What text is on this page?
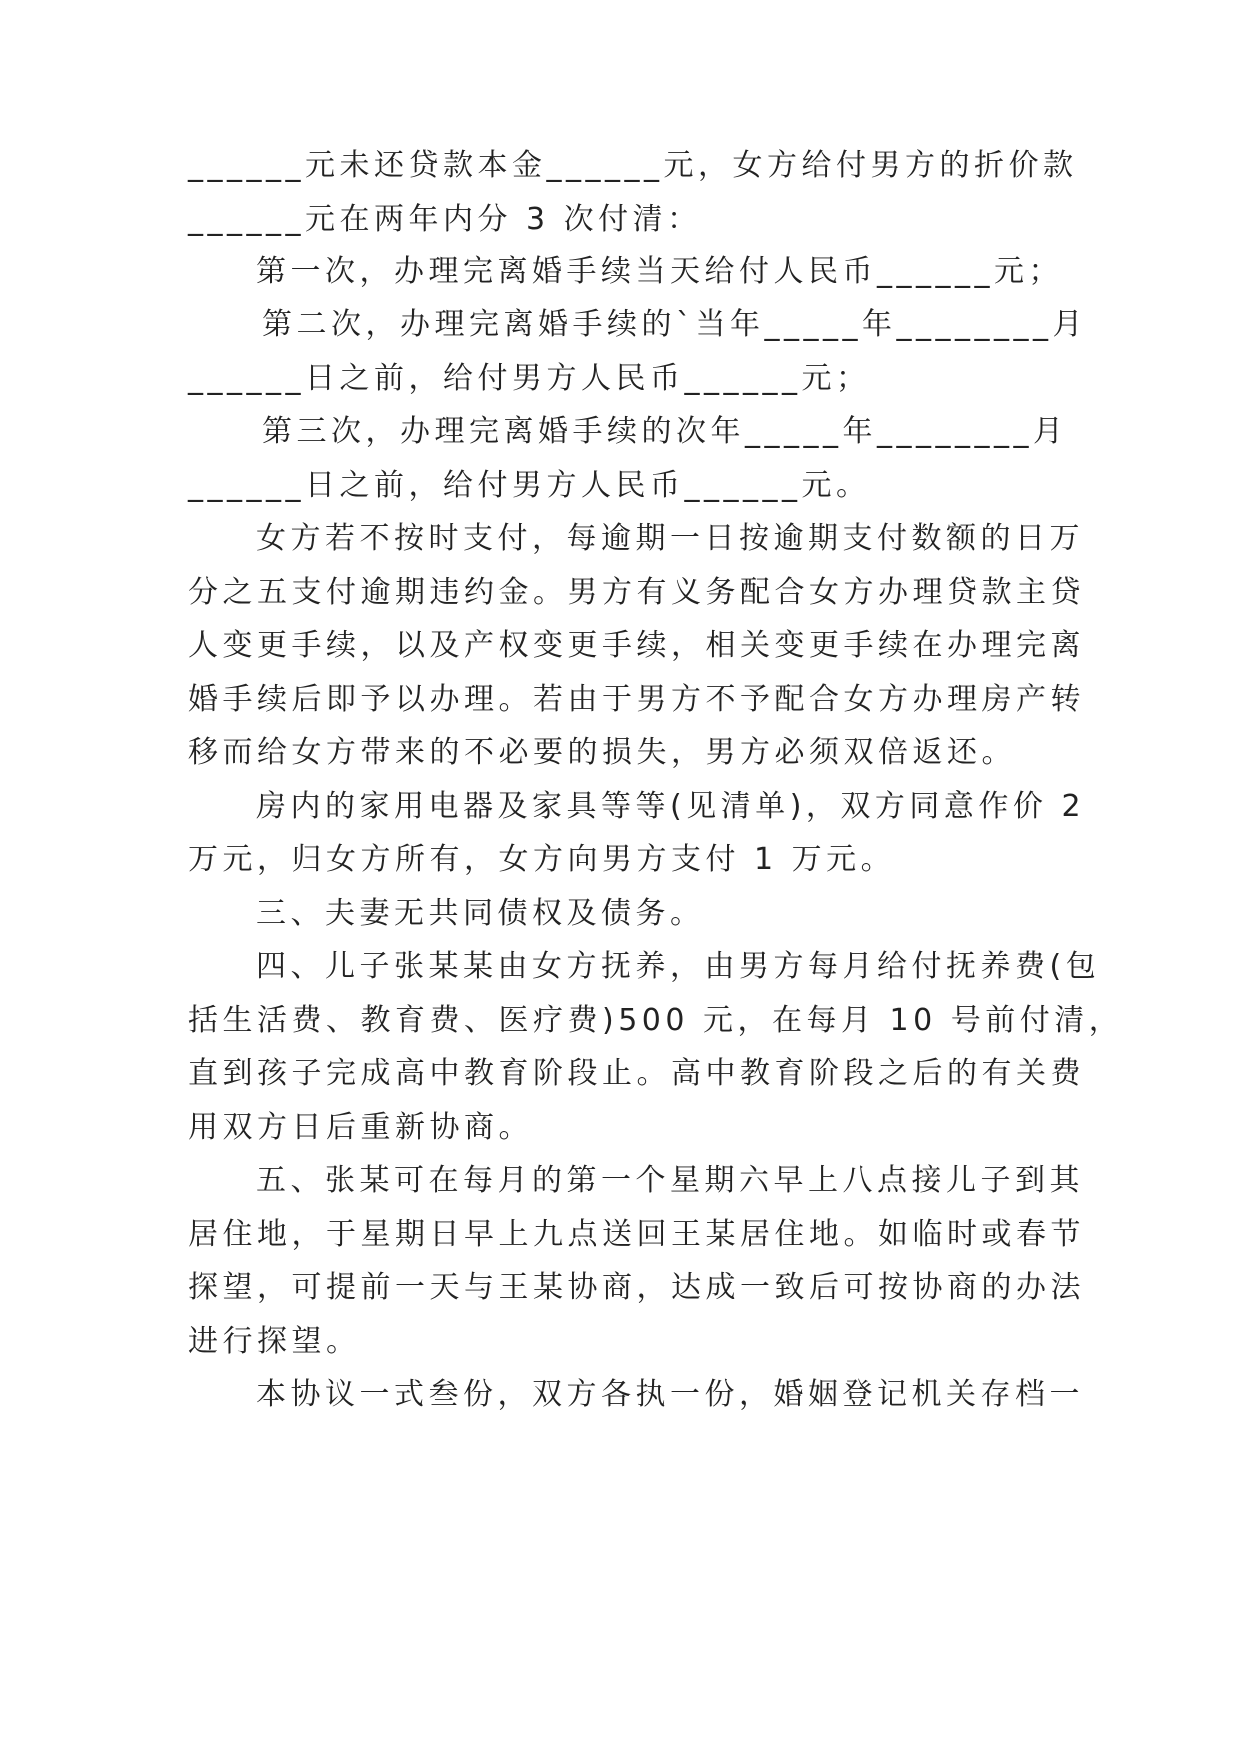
______元未还贷款本金______元，女方给付男方的折价款
______元在两年内分 3 次付清：
第一次，办理完离婚手续当天给付人民币______元；
第二次，办理完离婚手续的`当年_____年________月
______日之前，给付男方人民币______元；
第三次，办理完离婚手续的次年_____年________月
______日之前，给付男方人民币______元。
女方若不按时支付，每逾期一日按逾期支付数额的日万
分之五支付逾期违约金。男方有义务配合女方办理贷款主贷
人变更手续，以及产权变更手续，相关变更手续在办理完离
婚手续后即予以办理。若由于男方不予配合女方办理房产转
移而给女方带来的不必要的损失，男方必须双倍返还。
房内的家用电器及家具等等(见清单)，双方同意作价 2
万元，归女方所有，女方向男方支付 1 万元。
三、夫妻无共同债权及债务。
四、儿子张某某由女方抚养，由男方每月给付抚养费(包
括生活费、教育费、医疗费)500 元，在每月 10 号前付清，
直到孩子完成高中教育阶段止。高中教育阶段之后的有关费
用双方日后重新协商。
五、张某可在每月的第一个星期六早上八点接儿子到其
居住地，于星期日早上九点送回王某居住地。如临时或春节
探望，可提前一天与王某协商，达成一致后可按协商的办法
进行探望。
本协议一式叁份，双方各执一份，婚姻登记机关存档一
